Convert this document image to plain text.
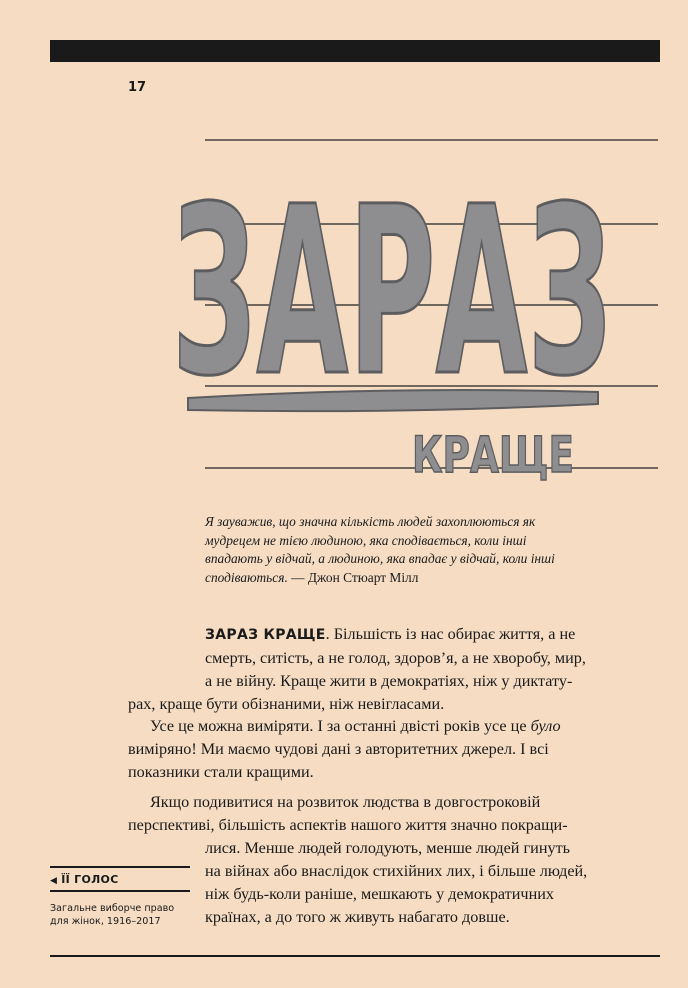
17
ЗАРАЗ
КРАЩЕ
Я зауважив, що значна кількість людей захоплюються як
мудрецем не тією людиною, яка сподівається, коли інші
впадають у відчай, а людиною, яка впадає у відчай, коли інші
сподіваються. — Джон Стюарт Мілл
ЗАРАЗ КРАЩЕ. Більшість із нас обирає життя, а не
смерть, ситість, а не голод, здоров’я, а не хворобу, мир,
а не війну. Краще жити в демократіях, ніж у диктату-
рах, краще бути обізнаними, ніж невігласами.
Усе це можна виміряти. І за останні двісті років усе це було
виміряно! Ми маємо чудові дані з авторитетних джерел. І всі
показники стали кращими.
Якщо подивитися на розвиток людства в довгостроковій
перспективі, більшість аспектів нашого життя значно покращи-
лися. Менше людей голодують, менше людей гинуть
на війнах або внаслідок стихійних лих, і більше людей,
ніж будь-коли раніше, мешкають у демократичних
країнах, а до того ж живуть набагато довше.
◀ ЇЇ ГОЛОС
Загальне виборче право
для жінок, 1916–2017
